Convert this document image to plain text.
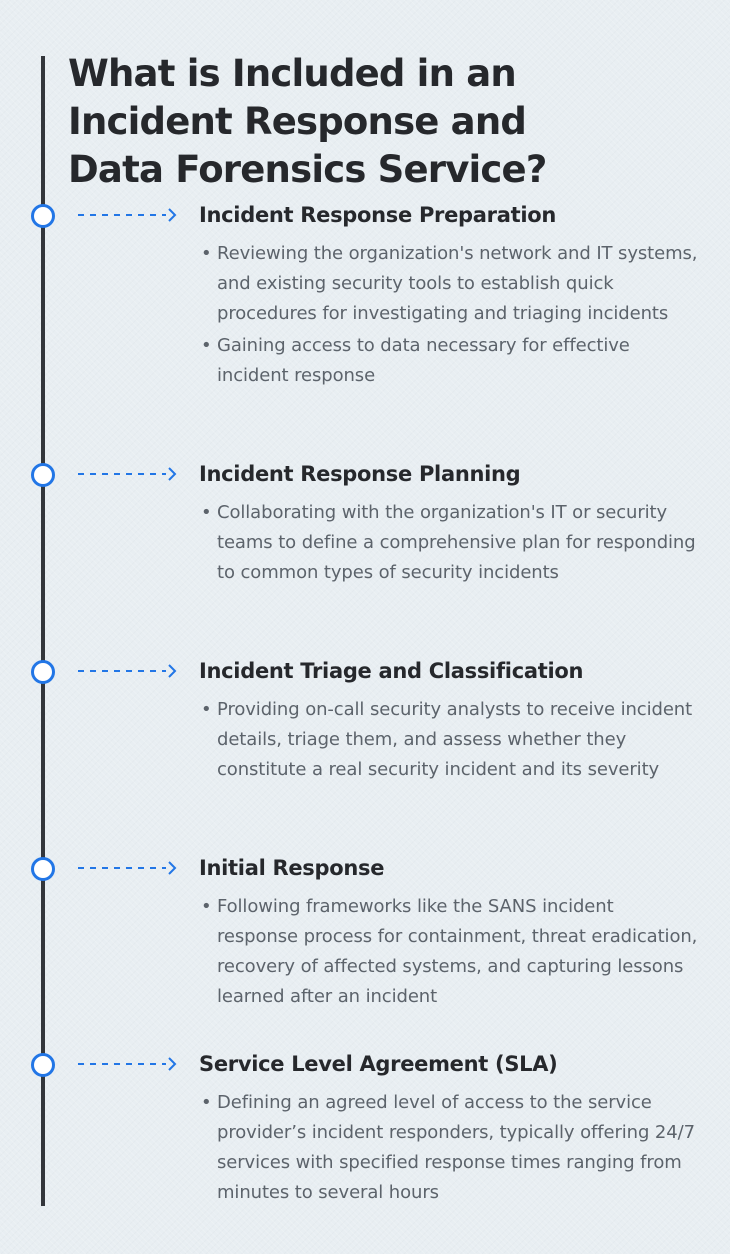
What is Included in an Incident Response and Data Forensics Service?
Incident Response Preparation
• Reviewing the organization's network and IT systems, and existing security tools to establish quick procedures for investigating and triaging incidents
• Gaining access to data necessary for effective incident response
Incident Response Planning
• Collaborating with the organization's IT or security teams to define a comprehensive plan for responding to common types of security incidents
Incident Triage and Classification
• Providing on-call security analysts to receive incident details, triage them, and assess whether they constitute a real security incident and its severity
Initial Response
• Following frameworks like the SANS incident response process for containment, threat eradication, recovery of affected systems, and capturing lessons learned after an incident
Service Level Agreement (SLA)
• Defining an agreed level of access to the service provider’s incident responders, typically offering 24/7 services with specified response times ranging from minutes to several hours
